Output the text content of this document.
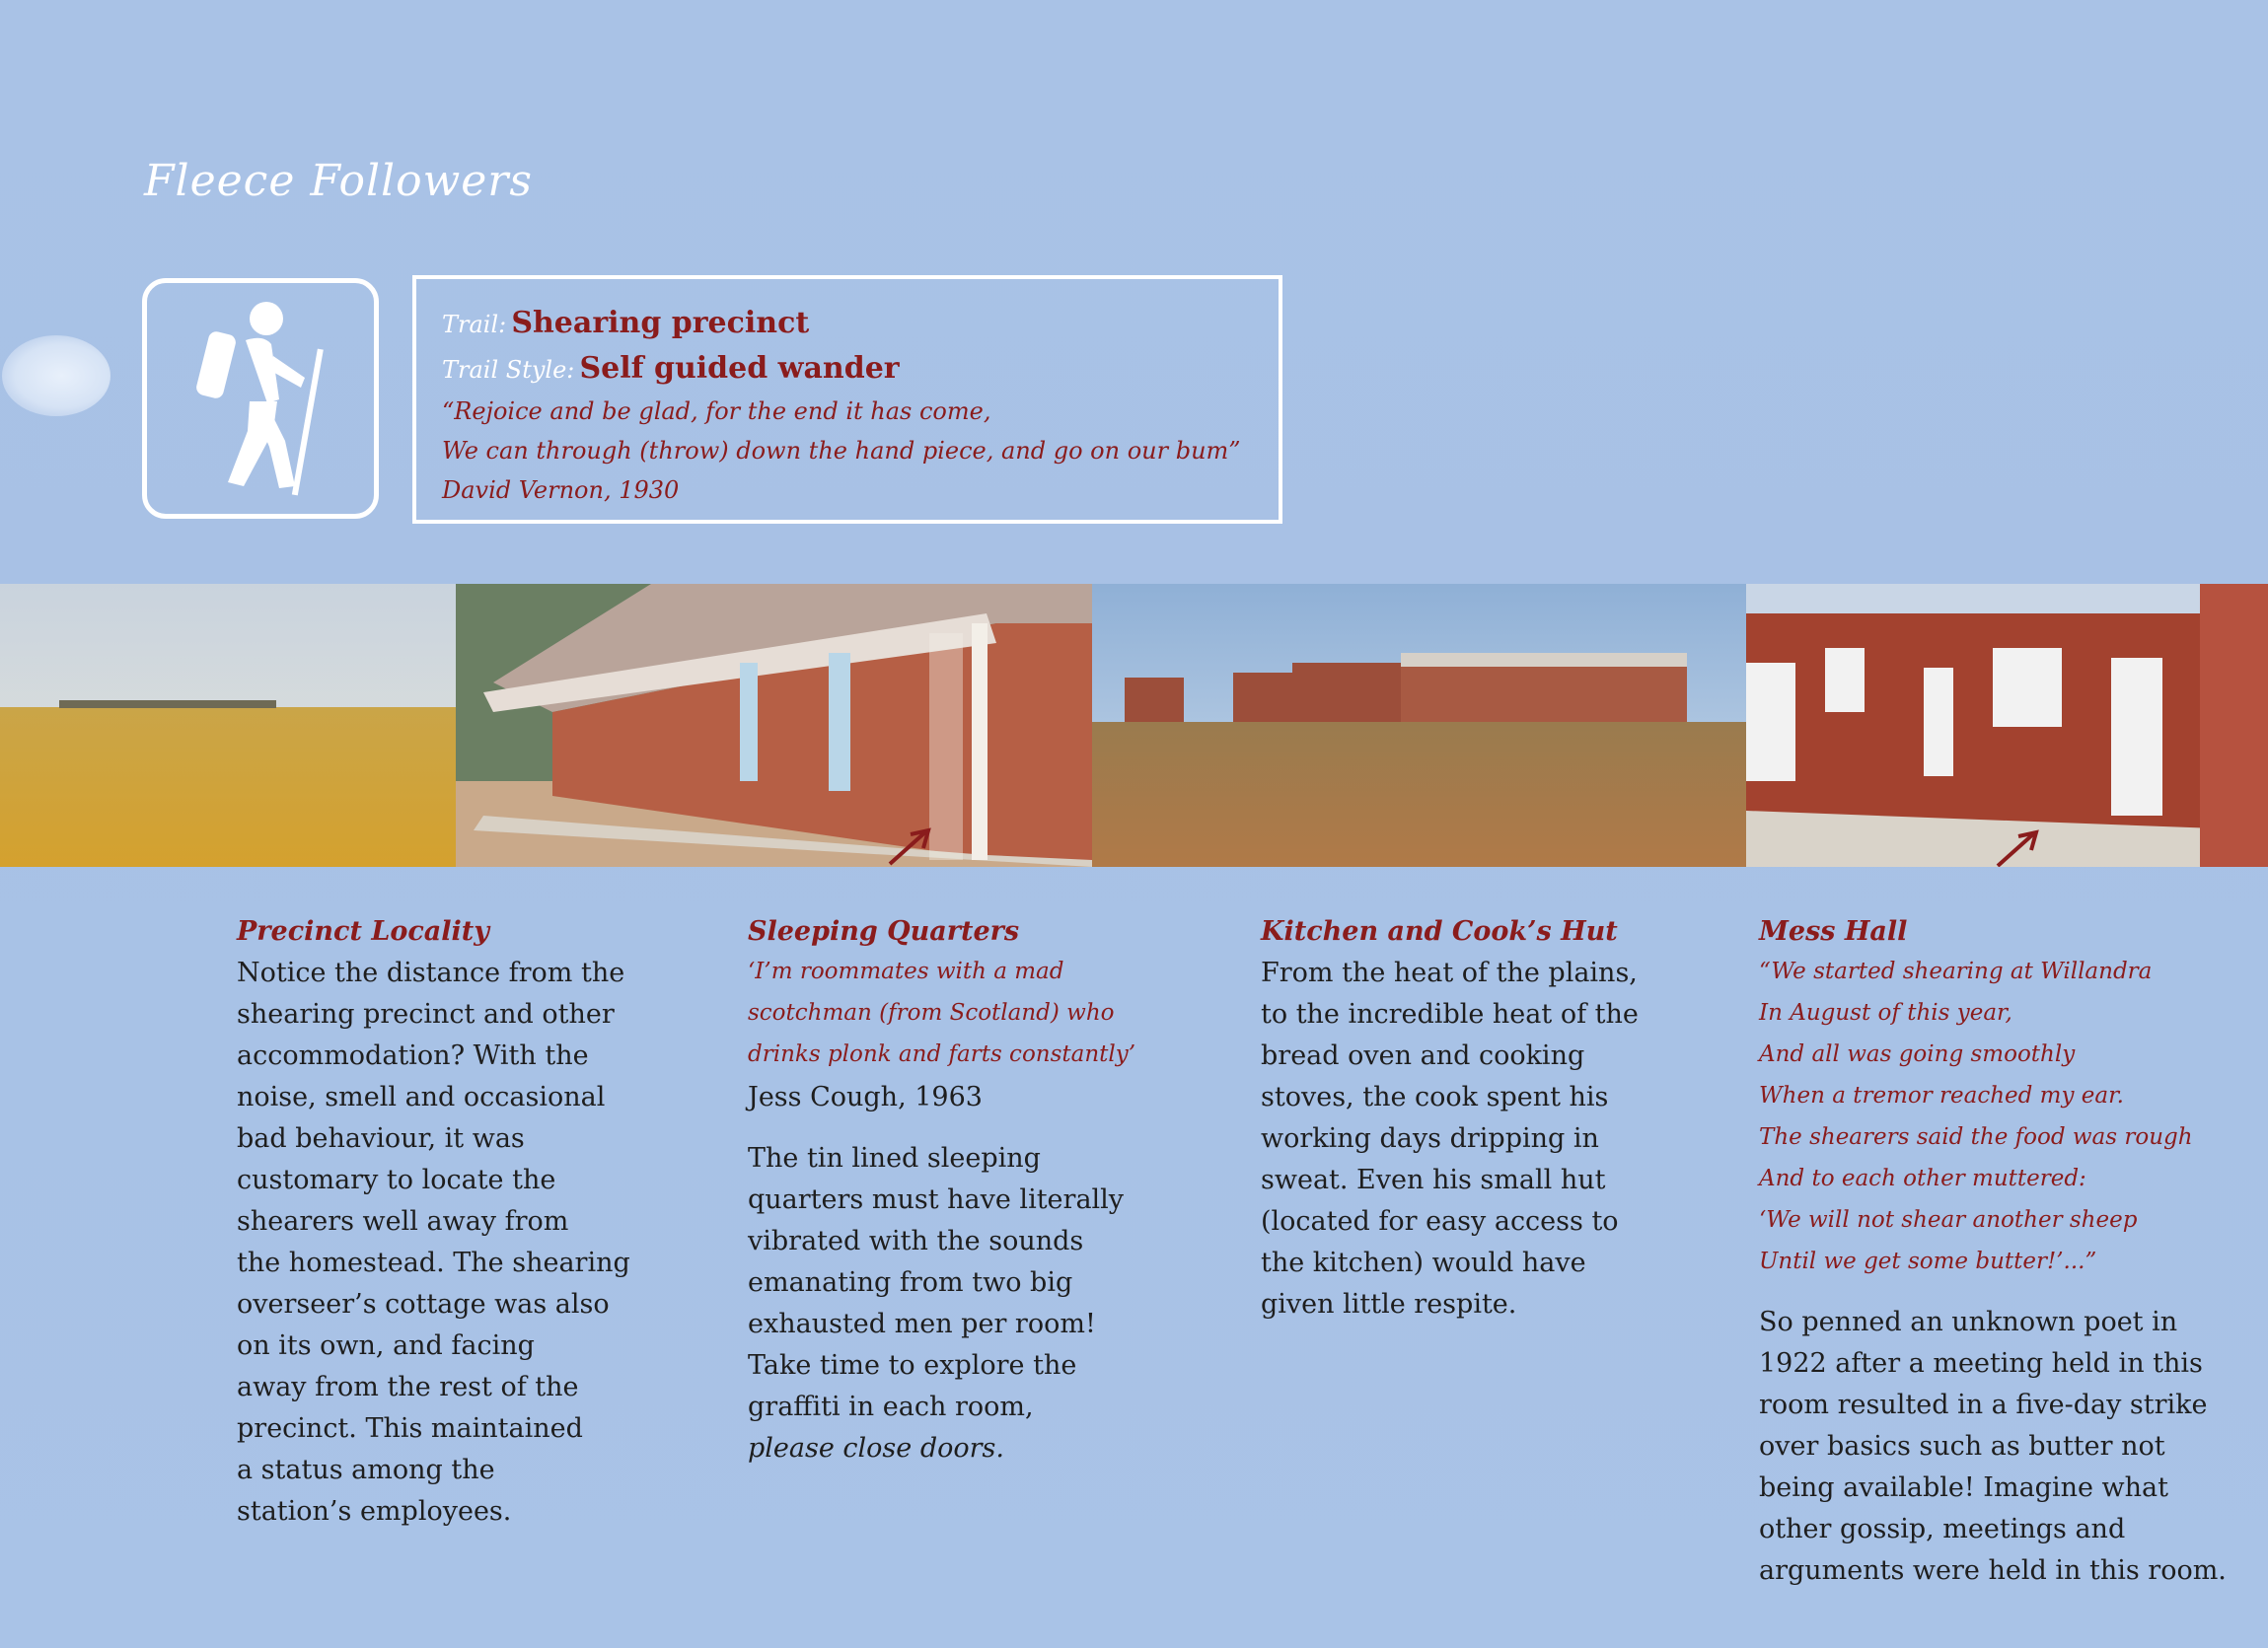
Fleece Followers
Trail: Shearing precinct
Trail Style: Self guided wander
“Rejoice and be glad, for the end it has come,
We can through (throw) down the hand piece, and go on our bum”
David Vernon, 1930
Precinct Locality
Notice the distance from the
shearing precinct and other
accommodation? With the
noise, smell and occasional
bad behaviour, it was
customary to locate the
shearers well away from
the homestead. The shearing
overseer’s cottage was also
on its own, and facing
away from the rest of the
precinct. This maintained
a status among the
station’s employees.
Sleeping Quarters
‘I’m roommates with a mad
scotchman (from Scotland) who
drinks plonk and farts constantly’
Jess Cough, 1963
The tin lined sleeping
quarters must have literally
vibrated with the sounds
emanating from two big
exhausted men per room!
Take time to explore the
graffiti in each room,
please close doors.
Kitchen and Cook’s Hut
From the heat of the plains,
to the incredible heat of the
bread oven and cooking
stoves, the cook spent his
working days dripping in
sweat. Even his small hut
(located for easy access to
the kitchen) would have
given little respite.
Mess Hall
“We started shearing at Willandra
In August of this year,
And all was going smoothly
When a tremor reached my ear.
The shearers said the food was rough
And to each other muttered:
‘We will not shear another sheep
Until we get some butter!’...”
So penned an unknown poet in
1922 after a meeting held in this
room resulted in a five-day strike
over basics such as butter not
being available! Imagine what
other gossip, meetings and
arguments were held in this room.
